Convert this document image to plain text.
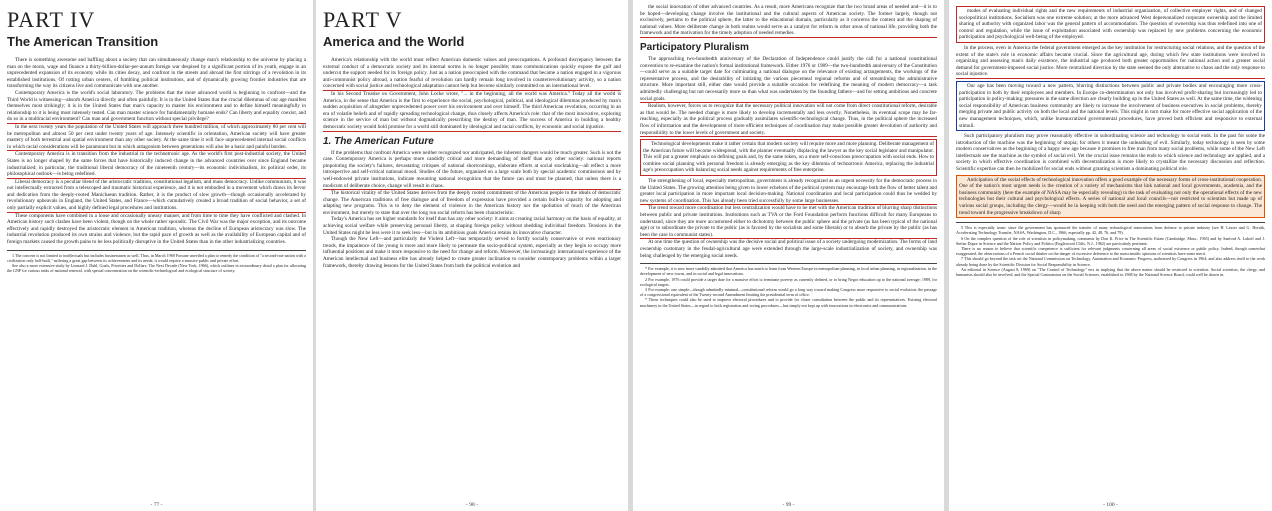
PART IV
The American Transition

There is something awesome and baffling about a society that can simultaneously change man's relationship to the universe by placing a man on the moon, wage and finance a thirty-billion-dollar-per-annum foreign war despised by a significant portion of its youth, engage in an unprecedented expansion of its economy while its cities decay, and confront in the streets and abroad the first stirrings of a revolution in its established institutions. Of rotting urban centers, of fumbling political institutions, and of dynamically growing frontier industries that are transforming the way its citizens live and communicate with one another.

Contemporary America is the world's social laboratory. The problems that the more advanced world is beginning to confront—and the Third World is witnessing—absorb America directly and often painfully. It is in the United States that the crucial dilemmas of our age manifest themselves most strikingly; it is in the United States that man's capacity to master his environment and to define himself meaningfully in relationship to it is being most intensely tested. Can man master science for fundamentally humane ends? Can liberty and equality coexist, and do so in a multiracial environment? Can man and government function without special privilege?

In the next twenty years the population of the United States will approach three hundred million, of which approximately 80 per cent will be metropolitan and almost 50 per cent under twenty years of age. Intensely scientific in orientation, American society will have greater mastery of both terrestrial and spatial environment than any other society. At the same time it will face unprecedented internal social conflicts in which racial considerations will be paramount but in which antagonism between generations will also be a basic and painful burden.

Contemporary America is in transition from the industrial to the technetronic age. As the world's first post-industrial society, the United States is no longer shaped by the same forces that have historically induced change in the advanced countries over since England became industrialized; in particular, the traditional liberal democracy of the nineteenth century—its economic individualism, its political order, its philosophical outlook—is being redefined.

Liberal democracy is a peculiar blend of the aristocratic tradition, constitutional legalism, and mass democracy. Unlike communism, it was not intellectually extracted from a telescoped and traumatic historical experience, and it is not embodied in a movement which draws its fervor and dedication from the deeply-rooted Manichaean tradition. Rather, it is the product of slow growth—though occasionally accelerated by revolutionary upheavals in England, the United States, and France—which cumulatively created a broad tradition of social behavior, a set of only partially explicit values, and highly defined legal procedures and institutions.

These components have combined in a loose and occasionally uneasy manner, and from time to time they have conflicted and clashed. In American history such clashes have been violent, though on the whole rather sporadic. The Civil War was the major exception, and its outcome effectively and rapidly destroyed the aristocratic element in American tradition, whereas the decline of European aristocracy was slow. The industrial revolution produced its own strains and violence, but the rapid pace of growth as well as the availability of European capital and of foreign markets caused the growth pains to be less politically disruptive in the United States than in the other industrializing countries.

1 The concern is not limited to intellectuals but includes businessmen as well. Thus, in March 1969 Fortune unveiled a plan to remedy the condition of "a second-rate nation with a civilization only half-built," suffering a great gap between its achievements and its needs; it would require a massive public and private effort.

See also a more extensive study by Leonard J. Duhl, Goals, Priorities and Dollars: The Next Decade (New York, 1966), which outlines in extraordinary detail a plan for allocating the GNP for various tasks of national renewal, with special concentration on the scientific-technological and ecological structure of society.

- 77 -
PART V
America and the World

America's relationship with the world must reflect American domestic values and preoccupations. A profound discrepancy between the external conduct of a democratic society and its internal norms is no longer possible; mass communications quickly expose the gulf and undercut the support needed for its foreign policy. Just as a nation preoccupied with the command that became a nation engaged in a vigorous anti-communist policy abroad, a nation fearful of revolution can hardly remain long involved in counterrevolutionary activity, so a nation concerned with social justice and technological adaptation cannot help but become similarly committed on an international level.

In his Second Treatise on Government, John Locke wrote, "... in the beginning, all the world was America." Today all the world is America, in the sense that America is the first to experience the social, psychological, political, and ideological dilemmas produced by man's sudden acquisition of altogether unprecedented power over his environment and over himself. The third American revolution, occurring in an era of volatile beliefs and of rapidly spreading technological change, thus closely affects America's role: that of the most innovative, exploring science in the service of man but without dogmatically prescribing the destiny of man. The success of America in building a healthy democratic society would hold promise for a world still dominated by ideological and racial conflicts, by economic and social injustice.

1. The American Future

If the problems that confront America were neither recognized nor anticipated, the inherent dangers would be much greater. Such is not the case. Contemporary America is perhaps more candidly critical and more demanding of itself than any other society: national reports pinpointing the society's failures, devastating critiques of national shortcomings, elaborate efforts at social stocktaking—all reflect a more introspective and self-critical national mood. Studies of the future, organized on a large scale both by special academic commissions and by well-endowed private institutions, indicate mounting national recognition that the future can and must be planned, that unless there is a modicum of deliberate choice, change will result in chaos.

The historical vitality of the United States derives from the deeply rooted commitment of the American people to the ideals of democratic change. The American traditions of free dialogue and of freedom of expression have provided a certain built-in capacity for adopting and adapting new programs. This is to deny the element of violence in the American history nor the spoliation of much of the American environment, but merely to state that over the long run social reform has been characteristic.

Today's America has set higher standards for itself than has any other society: it aims at creating racial harmony on the basis of equality, at achieving social welfare while preserving personal liberty, at shaping foreign policy without shedding individual freedom. Tensions in the United States might be less were it to seek less—but in its ambitious goals America retains its innovative character.

Though the New Left—and particularly the Violent Left—has temporarily served to fortify socially conservative or even reactionary trends, the impatience of the young is more and more likely to permeate the socio-political system, especially as they begin to occupy more influential positions and make it more responsive to the need for change and reform. Moreover, the increasingly international experience of the American intellectual and business elite has already helped to create greater inclination to consider contemporary problems within a larger framework, thereby drawing lessons for the United States from both the political evolution and

- 98 -

the social innovation of other advanced countries. As a result, more Americans recognize that the two broad areas of needed and—it is to be hoped—developing change involve the institutional and the cultural aspects of American society. The former largely, though not exclusively, pertains to the political sphere, the latter to the educational domain, particularly as it concerns the content and the shaping of national values. More deliberate change in both realms would serve as a catalyst for reform in other areas of national life, providing both the framework and the motivation for the timely adoption of needed remedies.

Participatory Pluralism

The approaching two-hundredth anniversary of the Declaration of Independence could justify the call for a national constitutional convention to re-examine the nation's formal institutional framework. Either 1976 or 1989—the two-hundredth anniversary of the Constitution—could serve as a suitable target date for culminating a national dialogue on the relevance of existing arrangements, the workings of the representative process, and the desirability of initiating the various piecemeal regional reforms and of streamlining the administrative structure. More important still, either date would provide a suitable occasion for redefining the meaning of modern democracy—a task admittedly challenging but not necessarily more so than what was undertaken by the founding fathers—and for setting ambitious and concrete social goals.

Realism, however, forces us to recognize that the necessary political innovation will not come from direct constitutional reform, desirable as that would be. The needed change is more likely to develop incrementally and less overtly. Nonetheless, its eventual scope may be far-reaching, especially as the political process gradually assimilates scientific-technological change. Thus, in the political sphere the increased flow of information and the development of more efficient techniques of coordination may make possible greater devolution of authority and responsibility to the lower levels of government and society.

Technological developments make it rather certain that modern society will require more and more planning. Deliberate management of the American future will become widespread, with the planner eventually displacing the lawyer as the key social legislator and manipulator. This will put a greater emphasis on defining goals and, by the same token, on a more self-conscious preoccupation with social ends. How to combine social planning with personal freedom is already emerging as the key dilemma of technotronic America, replacing the industrial age's preoccupation with balancing social needs against requirements of free enterprise.

The strengthening of local, especially metropolitan, government is already recognized as an urgent necessity for the democratic process in the United States. The growing attention being given to lower echelons of the political system may encourage both the flow of better talent and greater local participation in more important local decision-making. National coordination and local participation could thus be wedded by new systems of coordination. This has already been tried successfully by some large businesses.

The trend toward more coordination but less centralization would have to be met with the American tradition of blurring sharp distinctions between public and private institutions. Institutions such as TVA or the Ford Foundation perform functions difficult for many Europeans to understand, since they are more accustomed either to dichotomy between the public sphere and the private (as has been typical of the national age) or to subordinate the private to the public (as is favored by the socialists and some liberals) or to absorb the private by the public (as has been the case in communist states).

At one time the question of ownership was the decisive social and political issue of a society undergoing modernization. The forms of land ownership customary in the feudal-agricultural age were extended through the large-scale industrialization of society, and ownership was being challenged by the emerging social needs.

* For example, it is now more candidly admitted that America has much to learn from Western Europe in metropolitan planning, in local urban planning, in regionalization, in the development of new towns, and in social and legal innovations.

2 For example, 1976 could provide a target date for a massive effort to terminate poverty as currently defined, or to bring Negro education up to the national average; 1989, for ecological targets.

3 For example, one simple—though admittedly minimal—constitutional reform would go a long way toward making Congress more responsive to social evolution: the passage of a congressional equivalent of the Twenty-second Amendment limiting the presidential term of office.

* These techniques could also be used to improve electoral procedures and to provide for closer consultation between the public and its representatives. Existing electoral machinery in the United States—in regard to both registration and voting procedures—has simply not kept up with innovations in electronics and communications.

- 99 -

modes of evaluating individual rights and the new requirements of industrial organization, of collective employer rights, and of changed sociopolitical institutions. Socialism was one extreme solution; at the more advanced West depersonalized corporate ownership and the limited sharing of authority with organized labor was the general pattern of accommodation. The question of ownership was thus redefined into one of control and regulation, while the issue of exploitation associated with ownership was replaced by new problems concerning the economic participation and psychological well-being of the employed.

In the process, even in America the federal government emerged as the key institution for restructuring social relations, and the question of the extent of the state's role in economic affairs became crucial. Since the agricultural age, during which few state institutions were involved in organizing and assessing man's daily existence, the industrial age produced both greater opportunities for national action and a greater social demand for government-imposed social justice. More centralized direction by the state seemed the only alternative to chaos and the only response to social injustice.

Our age has been moving toward a new pattern, blurring distinctions between public and private bodies and encouraging more cross-participation in both by their employees and members. In Europe co-determination not only has involved profit-sharing but increasingly led to participation in policy-making; pressures in the same direction are clearly building up in the United States as well. At the same time, the widening social responsibility of American business community are likely to increase the involvement of business executives in social problems, thereby merging private and public activity on both the local and the national levels. This might in turn make for more effective social application of the new management techniques, which, unlike bureaucratized governmental procedures, have proved both efficient and responsive to external stimuli.

Such participatory pluralism may prove reasonably effective in subordinating science and technology to social ends. In the past for some the introduction of the machine was the beginning of utopia; for others it meant the unleashing of evil. Similarly, today technology is seen by some modern conservatives as the beginning of a happy new age because it promises to free man from many social problems, while some of the New Left intellectuals see the machine as the symbol of social evil. Yet the crucial issue remains the ends to which science and technology are applied, and a society in which effective coordination is combined with decentralization is more likely to crystallize the necessary discussion and reflection. Scientific expertise can then be mobilized for social ends without granting scientists a dominating political role.

Anticipation of the social effects of technological innovation offers a good example of the necessary forms of cross-institutional cooperation. One of the nation's most urgent needs is the creation of a variety of mechanisms that link national and local governments, academia, and the business community (here the example of NASA may be especially revealing) in the task of evaluating not only the operational effects of the new technologies but their cultural and psychological effects. A series of national and local councils—not restricted to scientists but made up of various social groups, including the clergy—would be in keeping with both the need and the emerging pattern of social response to change. The trend toward the progressive breakdown of sharp

5 This is especially ironic since the government has sponsored the transfer of many technological innovations from defense to private industry (see H. Lesser and G. Hornik, Accelerating Technology Transfer, NASA, Washington, D.C., 1966, especially pp. 42, 48, 76, and 79).

6 On the complex question of the role of scientists in policymaking, comments by Don K. Price in The Scientific Estate (Cambridge, Mass., 1965) and by Sanford A. Lakoff and J. Stefan Dupre in Science and the Nation: Policy and Politics (Englewood Cliffs, N.J., 1962) are particularly pertinent.

There is no reason to believe that scientific competence is sufficient for relevant judgments concerning all areas of social existence or public policy. Indeed, though somewhat exaggerated, the observations of a French social thinker on the danger of excessive deference to the nonscientific opinions of scientists have some merit.

7 This should go beyond the task set the National Commission on Technology, Automation and Economic Progress, authorized by Congress in 1964; and also address itself to the work already being done by the Scientific Division for Social Responsibility in Science.

An editorial in Science (August 8, 1969) on "The Control of Technology" errs in implying that the above matter should be restricted to scientists. Social scientists, the clergy, and humanists should also be involved, and the Special Commission on the Social Sciences, established in 1968 by the National Science Board, could well be drawn in.

- 100 -
